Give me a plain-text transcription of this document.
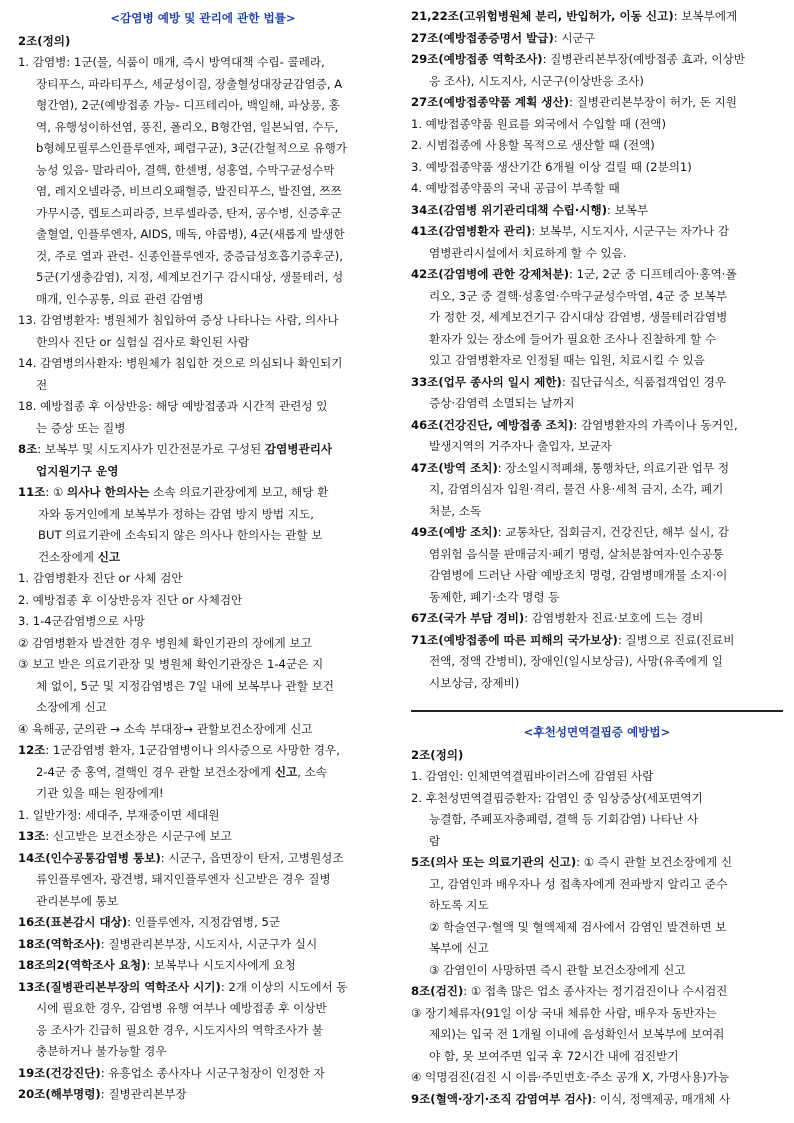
<감염병 예방 및 관리에 관한 법률>
2조(정의)
1. 감염병: 1군(물, 식품이 매개, 즉시 방역대책 수립- 콜레라,
장티푸스, 파라티푸스, 세균성이질, 장출혈성대장균감염증, A
형간염), 2군(예방접종 가능- 디프테리아, 백일해, 파상풍, 홍
역, 유행성이하선염, 풍진, 폴리오, B형간염, 일본뇌염, 수두,
b형헤모필루스인플루엔자, 폐렴구균), 3군(간헐적으로 유행가
능성 있음- 말라리아, 결핵, 한센병, 성홍열, 수막구균성수막
염, 레지오넬라증, 비브리오패혈증, 발진티푸스, 발진열, 쯔쯔
가무시증, 렙토스피라증, 브루셀라증, 탄저, 공수병, 신증후군
출혈열, 인플루엔자, AIDS, 매독, 야콥병), 4군(새롭게 발생한
것, 주로 열과 관련- 신종인플루엔자, 중증급성호흡기증후군),
5군(기생충감염), 지정, 세계보건기구 감시대상, 생물테러, 성
매개, 인수공통, 의료 관련 감염병
13. 감염병환자: 병원체가 침입하여 증상 나타나는 사람, 의사나
한의사 진단 or 실험실 검사로 확인된 사람
14. 감염병의사환자: 병원체가 침입한 것으로 의심되나 확인되기
전
18. 예방접종 후 이상반응: 해당 예방접종과 시간적 관련성 있
는 증상 또는 질병
8조: 보복부 및 시도지사가 민간전문가로 구성된 감염병관리사
업지원기구 운영
11조: ① 의사나 한의사는 소속 의료기관장에게 보고, 해당 환
자와 동거인에게 보복부가 정하는 감염 방지 방법 지도,
BUT 의료기관에 소속되지 않은 의사나 한의사는 관할 보
건소장에게 신고
1. 감염병환자 진단 or 사체 검안
2. 예방접종 후 이상반응자 진단 or 사체검안
3. 1-4군감염병으로 사망
② 감염병환자 발견한 경우 병원체 확인기관의 장에게 보고
③ 보고 받은 의료기관장 및 병원체 확인기관장은 1-4군은 지
체 없이, 5군 및 지정감염병은 7일 내에 보복부나 관할 보건
소장에게 신고
④ 육해공, 군의관 → 소속 부대장→ 관할보건소장에게 신고
12조: 1군감염병 환자, 1군감염병이나 의사증으로 사망한 경우,
2-4군 중 홍역, 결핵인 경우 관할 보건소장에게 신고, 소속
기관 있을 때는 원장에게!
1. 일반가정: 세대주, 부재중이면 세대원
13조: 신고받은 보건소장은 시군구에 보고
14조(인수공통감염병 통보): 시군구, 읍면장이 탄저, 고병원성조
류인플루엔자, 광견병, 돼지인플루엔자 신고받은 경우 질병
관리본부에 통보
16조(표본감시 대상): 인플루엔자, 지정감염병, 5군
18조(역학조사): 질병관리본부장, 시도지사, 시군구가 실시
18조의2(역학조사 요청): 보복부나 시도지사에게 요청
13조(질병관리본부장의 역학조사 시기): 2개 이상의 시도에서 동
시에 필요한 경우, 감염병 유행 여부나 예방접종 후 이상반
응 조사가 긴급히 필요한 경우, 시도지사의 역학조사가 불
충분하거나 불가능할 경우
19조(건강진단): 유흥업소 종사자나 시군구청장이 인정한 자
20조(해부명령): 질병관리본부장
21,22조(고위험병원체 분리, 반입허가, 이동 신고): 보복부에게
27조(예방접종증명서 발급): 시군구
29조(예방접종 역학조사): 질병관리본부장(예방접종 효과, 이상반
응 조사), 시도지사, 시군구(이상반응 조사)
27조(예방접종약품 계획 생산): 질병관리본부장이 허가, 돈 지원
1. 예방접종약품 원료를 외국에서 수입할 때 (전액)
2. 시범접종에 사용할 목적으로 생산할 때 (전액)
3. 예방접종약품 생산기간 6개월 이상 걸릴 때 (2분의1)
4. 예방접종약품의 국내 공급이 부족할 때
34조(감염병 위기관리대책 수립·시행): 보복부
41조(감염병환자 관리): 보복부, 시도지사, 시군구는 자가나 감
염병관리시설에서 치료하게 할 수 있음.
42조(감염병에 관한 강제처분): 1군, 2군 중 디프테리아·홍역·폴
리오, 3군 중 결핵·성홍열·수막구균성수막염, 4군 중 보복부
가 정한 것, 세계보건기구 감시대상 감염병, 생물테러감염병
환자가 있는 장소에 들어가 필요한 조사나 진찰하게 할 수
있고 감염병환자로 인정될 때는 입원, 치료시킬 수 있음
33조(업무 종사의 일시 제한): 집단급식소, 식품접객업인 경우
증상·감염력 소멸되는 날까지
46조(건강진단, 예방접종 조치): 감염병환자의 가족이나 동거인,
발생지역의 거주자나 출입자, 보균자
47조(방역 조치): 장소일시적폐쇄, 통행차단, 의료기관 업무 정
지, 감염의심자 입원·격리, 물건 사용·세척 금지, 소각, 폐기
처분, 소독
49조(예방 조치): 교통차단, 집회금지, 건강진단, 해부 실시, 감
염위험 음식물 판매금지·폐기 명령, 살처분참여자·인수공통
감염병에 드러난 사람 예방조치 명령, 감염병매개물 소지·이
동제한, 폐기·소각 명령 등
67조(국가 부담 경비): 감염병환자 진료·보호에 드는 경비
71조(예방접종에 따른 피해의 국가보상): 질병으로 진료(진료비
전액, 정액 간병비), 장애인(일시보상금), 사망(유족에게 일
시보상금, 장제비)
<후천성면역결핍증 예방법>
2조(정의)
1. 감염인: 인체면역결핍바이러스에 감염된 사람
2. 후천성면역결핍증환자: 감염인 중 임상증상(세포면역기
능결함, 주폐포자충폐렴, 결핵 등 기회감염) 나타난 사
람
5조(의사 또는 의료기관의 신고): ① 즉시 관할 보건소장에게 신
고, 감염인과 배우자나 성 접촉자에게 전파방지 알리고 준수
하도록 지도
② 학술연구·혈액 및 혈액제제 검사에서 감염인 발견하면 보
복부에 신고
③ 감염인이 사망하면 즉시 관할 보건소장에게 신고
8조(검진): ① 접촉 많은 업소 종사자는 정기검진이나 수시검진
③ 장기체류자(91일 이상 국내 체류한 사람, 배우자 동반자는
제외)는 입국 전 1개월 이내에 음성확인서 보복부에 보여줘
야 함, 못 보여주면 입국 후 72시간 내에 검진받기
④ 익명검진(검진 시 이름·주민번호·주소 공개 X, 가명사용)가능
9조(혈액·장기·조직 감염여부 검사): 이식, 정액제공, 매개체 사
